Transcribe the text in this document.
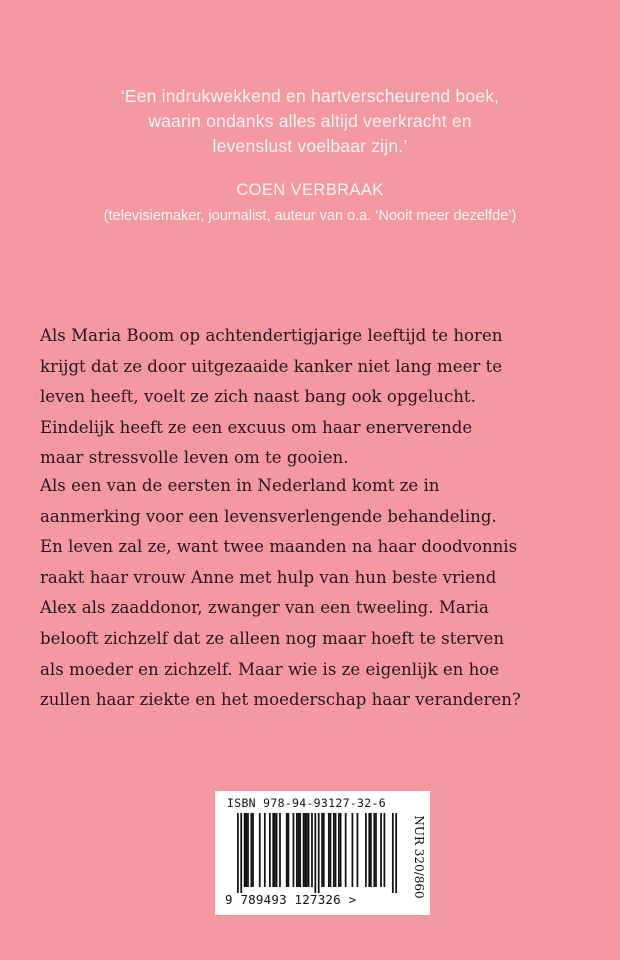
‘Een indrukwekkend en hartverscheurend boek,
waarin ondanks alles altijd veerkracht en
levenslust voelbaar zijn.’
COEN VERBRAAK
(televisiemaker, journalist, auteur van o.a. ‘Nooit meer dezelfde’)
Als Maria Boom op achtendertigjarige leeftijd te horen
krijgt dat ze door uitgezaaide kanker niet lang meer te
leven heeft, voelt ze zich naast bang ook opgelucht.
Eindelijk heeft ze een excuus om haar enerverende
maar stressvolle leven om te gooien.
Als een van de eersten in Nederland komt ze in
aanmerking voor een levensverlengende behandeling.
En leven zal ze, want twee maanden na haar doodvonnis
raakt haar vrouw Anne met hulp van hun beste vriend
Alex als zaaddonor, zwanger van een tweeling. Maria
belooft zichzelf dat ze alleen nog maar hoeft te sterven
als moeder en zichzelf. Maar wie is ze eigenlijk en hoe
zullen haar ziekte en het moederschap haar veranderen?
ISBN 978-94-93127-32-6
9 789493 127326 >
NUR 320/860
